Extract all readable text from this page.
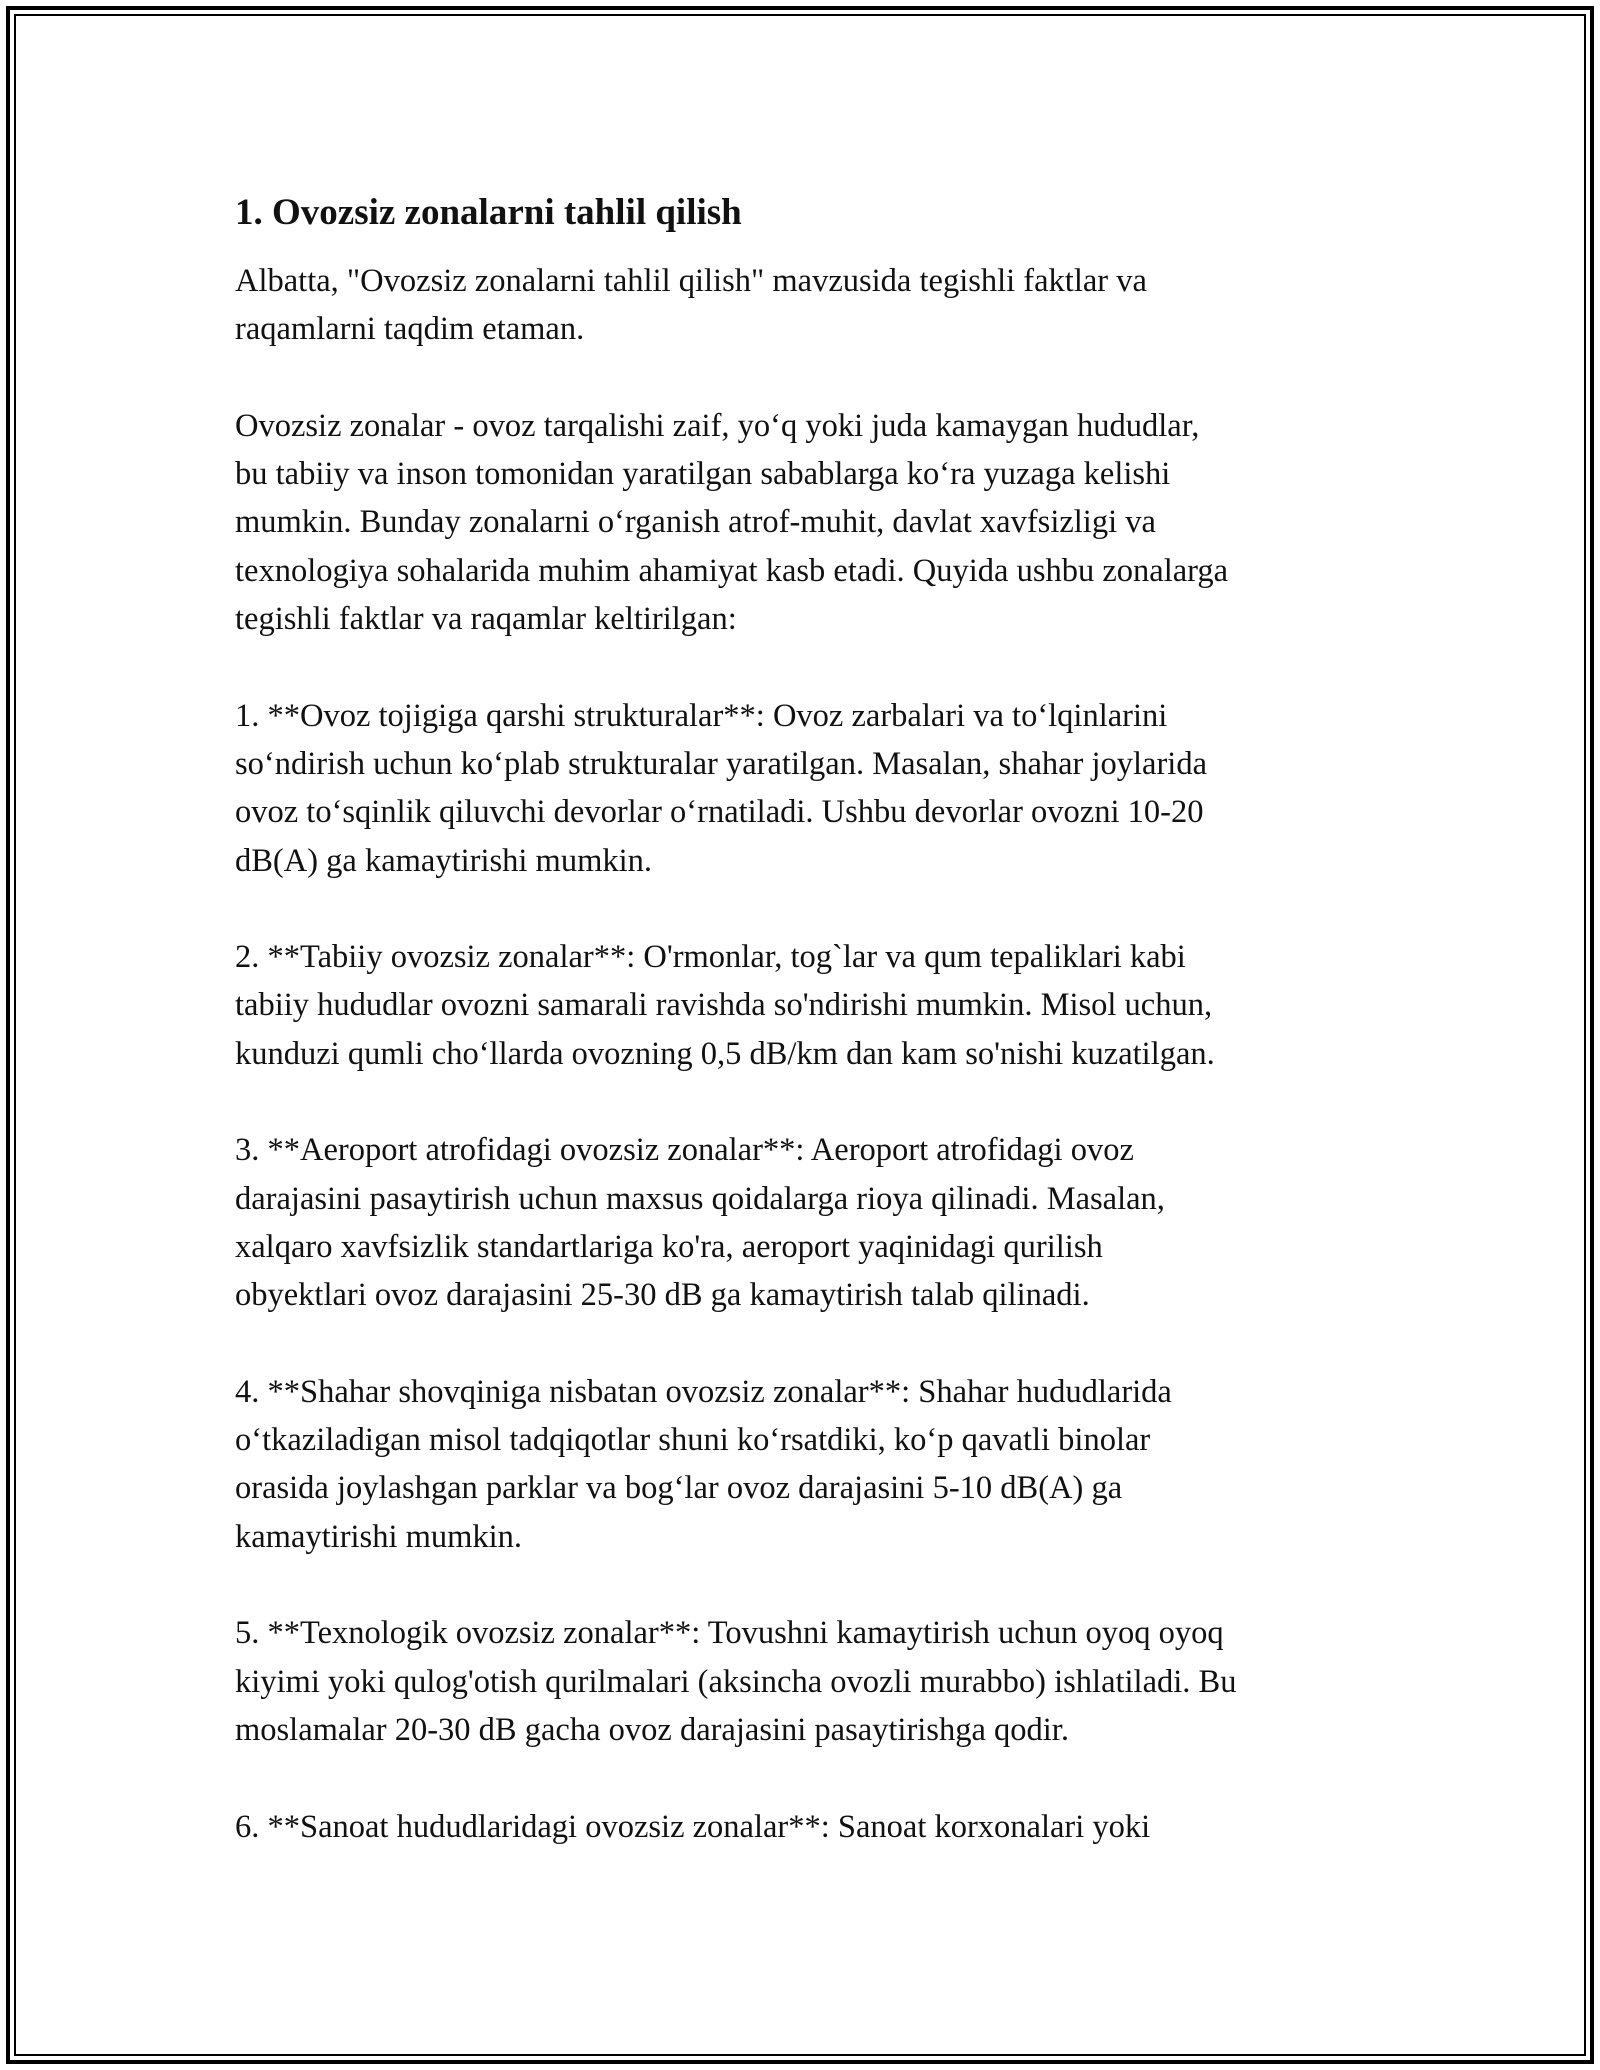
1. Ovozsiz zonalarni tahlil qilish
Albatta, "Ovozsiz zonalarni tahlil qilish" mavzusida tegishli faktlar va
raqamlarni taqdim etaman.
Ovozsiz zonalar - ovoz tarqalishi zaif, yo‘q yoki juda kamaygan hududlar,
bu tabiiy va inson tomonidan yaratilgan sabablarga ko‘ra yuzaga kelishi
mumkin. Bunday zonalarni o‘rganish atrof-muhit, davlat xavfsizligi va
texnologiya sohalarida muhim ahamiyat kasb etadi. Quyida ushbu zonalarga
tegishli faktlar va raqamlar keltirilgan:
1. **Ovoz tojigiga qarshi strukturalar**: Ovoz zarbalari va to‘lqinlarini
so‘ndirish uchun ko‘plab strukturalar yaratilgan. Masalan, shahar joylarida
ovoz to‘sqinlik qiluvchi devorlar o‘rnatiladi. Ushbu devorlar ovozni 10-20
dB(A) ga kamaytirishi mumkin.
2. **Tabiiy ovozsiz zonalar**: O'rmonlar, tog`lar va qum tepaliklari kabi
tabiiy hududlar ovozni samarali ravishda so'ndirishi mumkin. Misol uchun,
kunduzi qumli cho‘llarda ovozning 0,5 dB/km dan kam so'nishi kuzatilgan.
3. **Aeroport atrofidagi ovozsiz zonalar**: Aeroport atrofidagi ovoz
darajasini pasaytirish uchun maxsus qoidalarga rioya qilinadi. Masalan,
xalqaro xavfsizlik standartlariga ko'ra, aeroport yaqinidagi qurilish
obyektlari ovoz darajasini 25-30 dB ga kamaytirish talab qilinadi.
4. **Shahar shovqiniga nisbatan ovozsiz zonalar**: Shahar hududlarida
o‘tkaziladigan misol tadqiqotlar shuni ko‘rsatdiki, ko‘p qavatli binolar
orasida joylashgan parklar va bog‘lar ovoz darajasini 5-10 dB(A) ga
kamaytirishi mumkin.
5. **Texnologik ovozsiz zonalar**: Tovushni kamaytirish uchun oyoq oyoq
kiyimi yoki qulog'otish qurilmalari (aksincha ovozli murabbo) ishlatiladi. Bu
moslamalar 20-30 dB gacha ovoz darajasini pasaytirishga qodir.
6. **Sanoat hududlaridagi ovozsiz zonalar**: Sanoat korxonalari yoki
